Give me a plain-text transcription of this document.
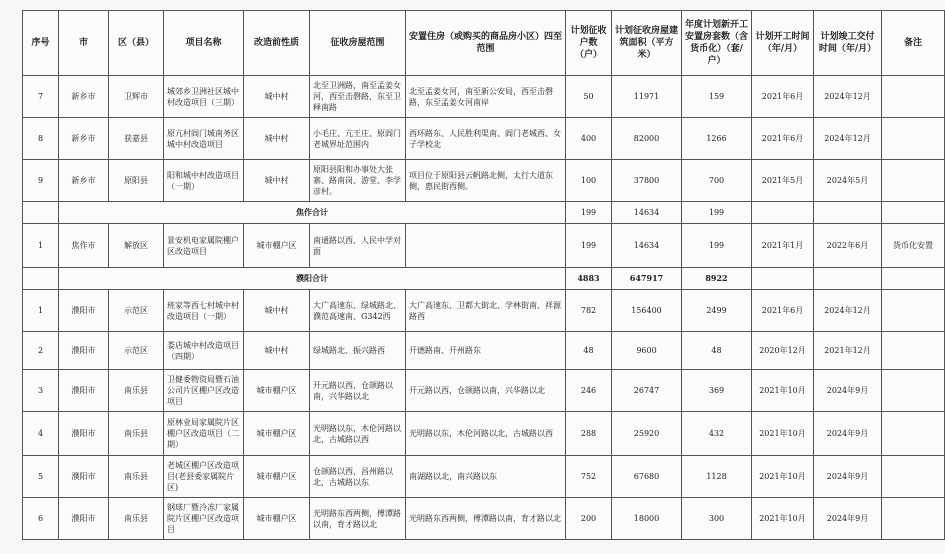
序号	市	区（县）	项目名称	改造前性质	征收房屋范围	安置住房（或购买的商品房小区）四至范围	计划征收户数（户）	计划征收房屋建筑面积（平方米）	年度计划新开工安置房套数（含货币化）（套/户）	计划开工时间（年/月）	计划竣工交付时间（年/月）	备注
7	新乡市	卫辉市	城郊乡卫洲社区城中村改造项目（三期）	城中村	北至卫洲路，南至孟姜女河，西至击磬路，东至卫释南路	北至孟姜女河，南至新公安局，西至击磬路，东至孟姜女河南岸	50	11971	159	2021年6月	2024年12月	
8	新乡市	获嘉县	原亢村阎门城南务区城中村改造项目	城中村	小毛庄、亢王庄、原阎门老城界址范围内	西环路东、人民胜利渠南、阎门老城西、女子学校北	400	82000	1266	2021年6月	2024年12月	
9	新乡市	原阳县	阳和城中村改造项目（一期）	城中村	原阳县阳和办事处大张寨、路南岗、游堂、李学彦村。	项目位于原阳县云帆路北侧，太行大道东侧，惠民街西侧。	100	37800	700	2021年5月	2024年5月	
	焦作合计						199	14634	199			
1	焦作市	解放区	景安机电家属院棚户区改造项目	城市棚户区	南通路以西、人民中学对面		199	14634	199	2021年1月	2022年6月	货币化安置
	濮阳合计						4883	647917	8922			
1	濮阳市	示范区	班家等西七村城中村改造项目（一期）	城中村	大广高速东、绿城路北、濮范高速南、G342西	大广高速东、卫都大街北、学林街南、祥源路西	782	156400	2499	2021年6月	2024年12月	
2	濮阳市	示范区	娄店城中村改造项目（四期）	城中村	绿城路北、振兴路西	开德路南、开州路东	48	9600	48	2020年12月	2021年12月	
3	濮阳市	南乐县	卫健委物资局暨石油公司片区棚户区改造项目	城市棚户区	开元路以西，仓颉路以南，兴华路以北	开元路以西，仓颉路以南，兴华路以北	246	26747	369	2021年10月	2024年9月	
4	濮阳市	南乐县	原林业局家属院片区棚户区改造项目（二期）	城市棚户区	光明路以东，木伦河路以北，古城路以西	光明路以东，木伦河路以北，古城路以西	288	25920	432	2021年10月	2024年9月	
5	濮阳市	南乐县	老城区棚户区改造项目(老县委家属院片区)	城市棚户区	仓颉路以西，昌州路以北，古城路以东	南湖路以北，南兴路以东	752	67680	1128	2021年10月	2024年9月	
6	濮阳市	南乐县	钢球厂暨冷冻厂家属院片区棚户区改造项目	城市棚户区	光明路东西两侧，傅潭路以南，育才路以北	光明路东西两侧，傅潭路以南，育才路以北	200	18000	300	2021年10月	2024年9月	
